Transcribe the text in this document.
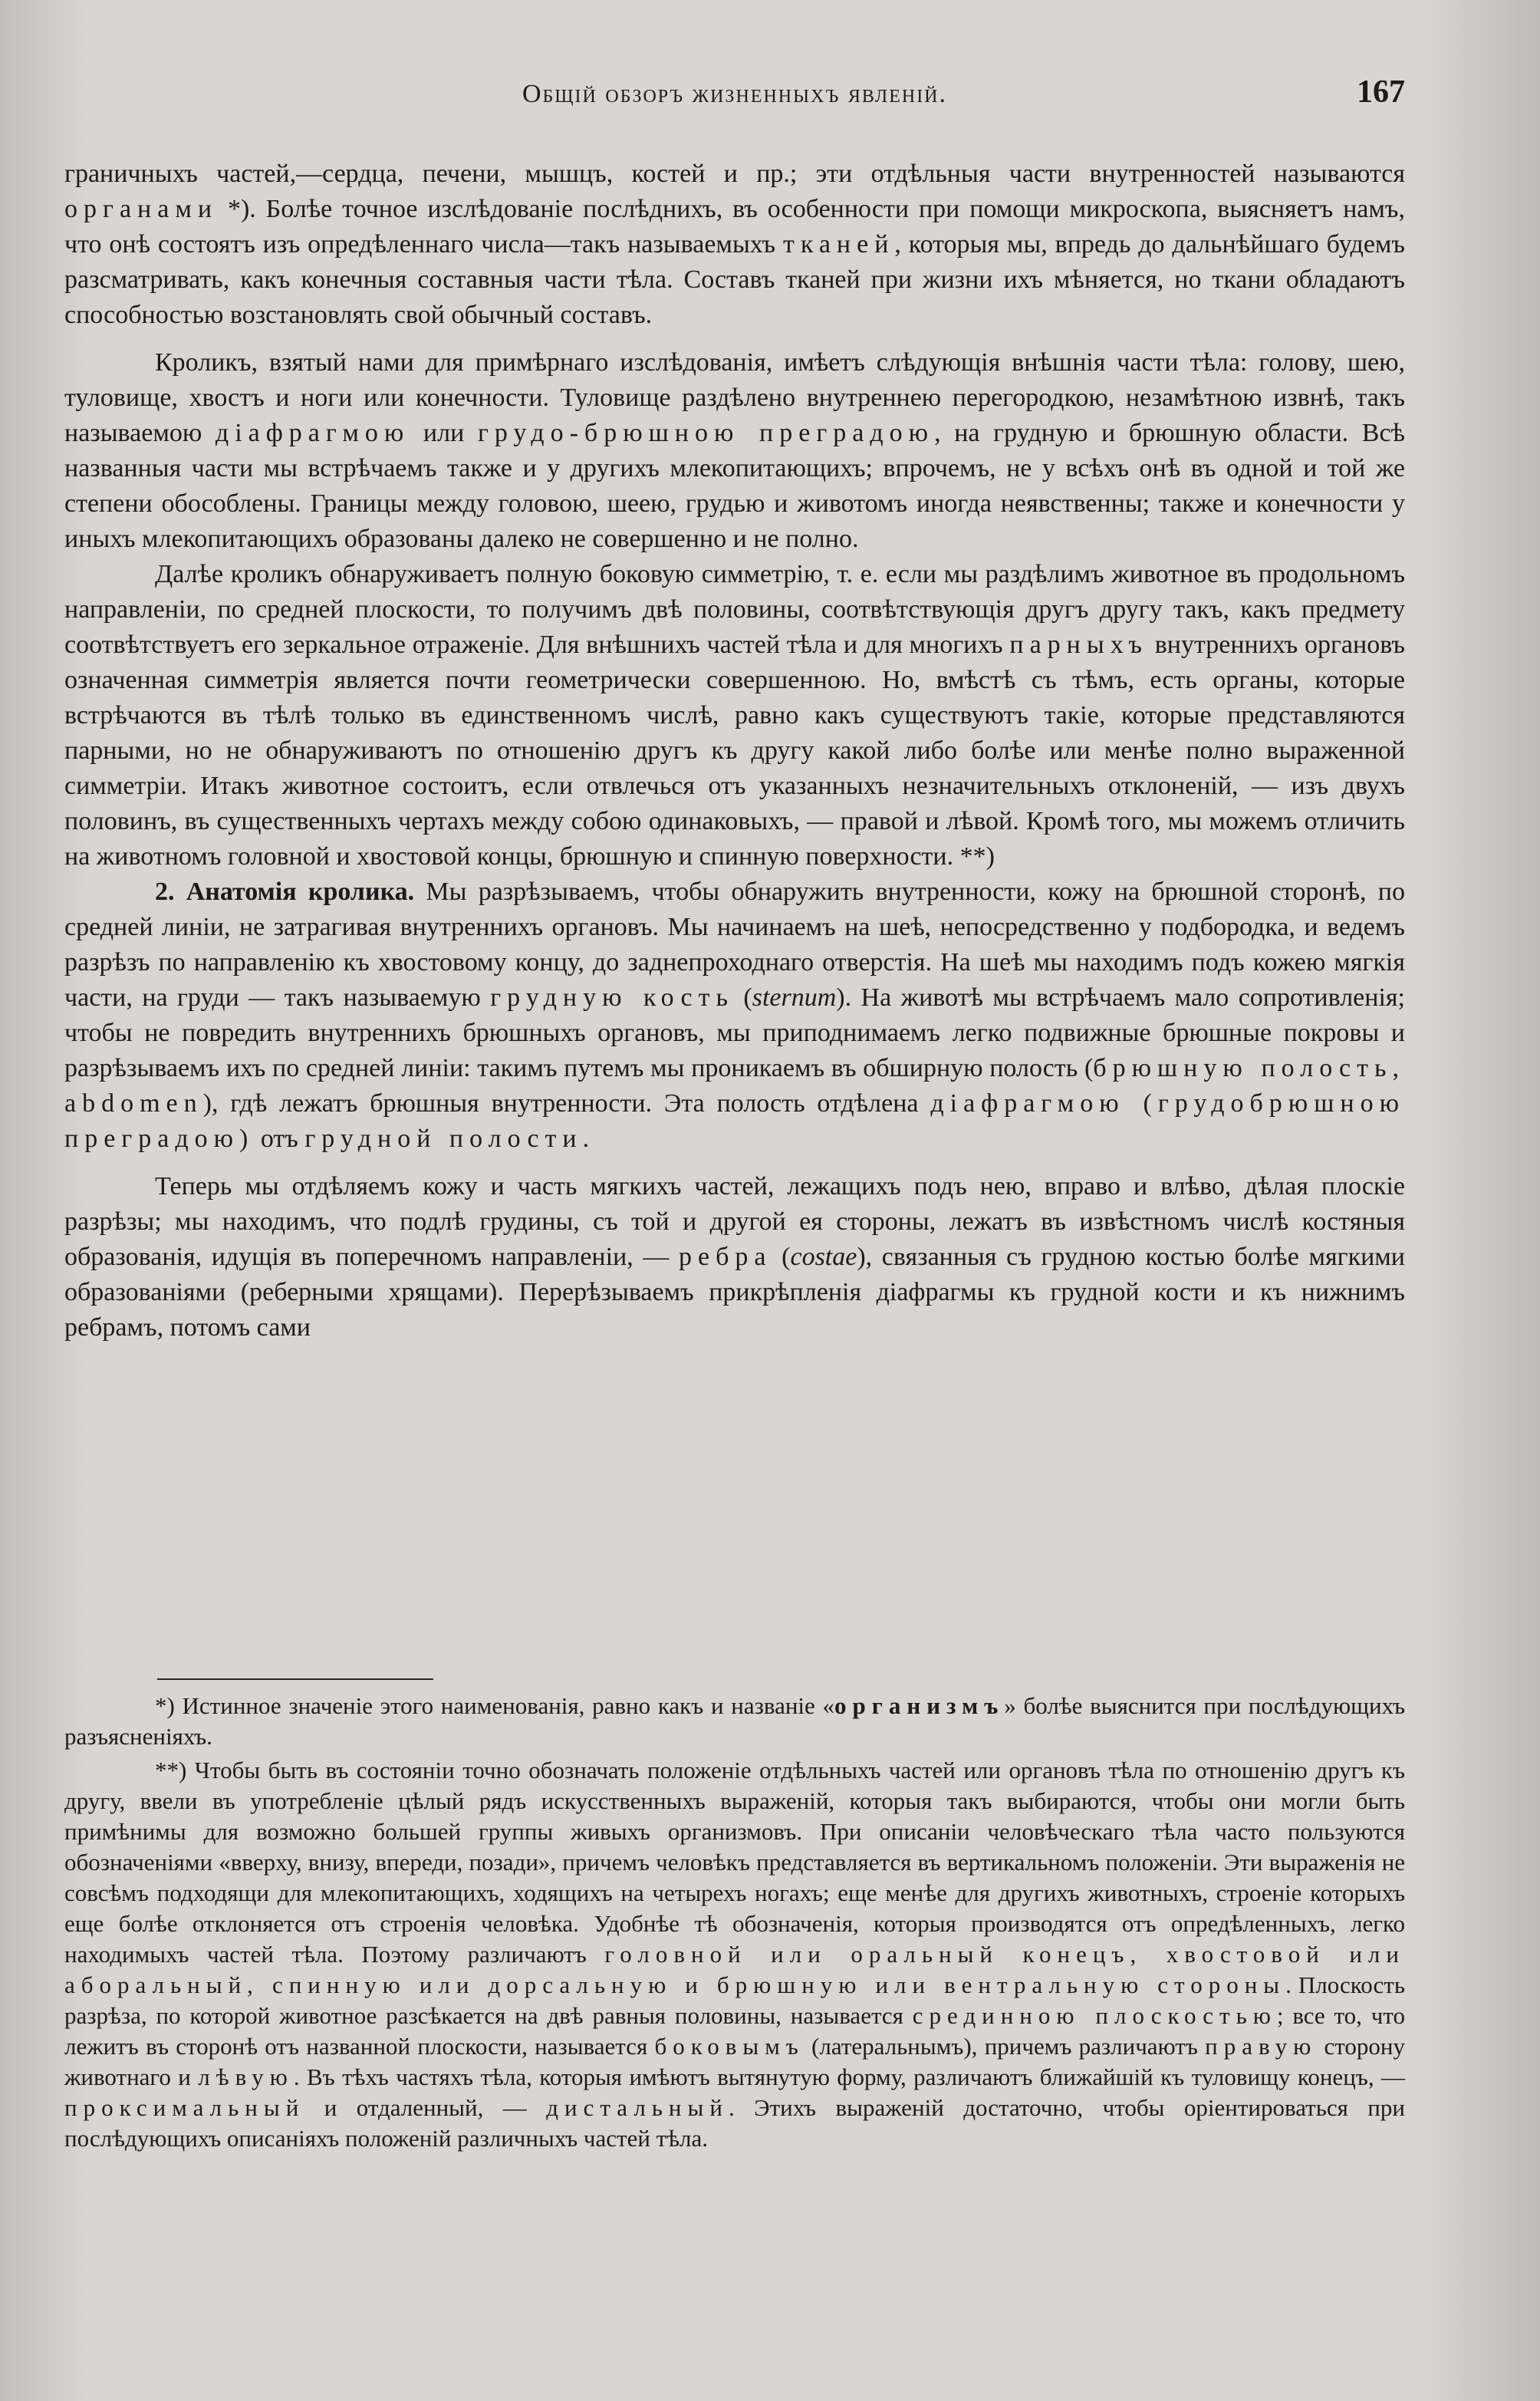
Общій обзоръ жизненныхъ явленій.	167

граничныхъ частей,—сердца, печени, мышцъ, костей и пр.; эти отдѣльныя части внутренностей называются органами *). Болѣе точное изслѣдованіе послѣднихъ, въ особенности при помощи микроскопа, выясняетъ намъ, что онѣ состоятъ изъ опредѣленнаго числа—такъ называемыхъ тканей, которыя мы, впредь до дальнѣйшаго будемъ разсматривать, какъ конечныя составныя части тѣла. Составъ тканей при жизни ихъ мѣняется, но ткани обладаютъ способностью возстановлять свой обычный составъ.

Кроликъ, взятый нами для примѣрнаго изслѣдованія, имѣетъ слѣдующія внѣшнія части тѣла: голову, шею, туловище, хвостъ и ноги или конечности. Туловище раздѣлено внутреннею перегородкою, незамѣтною извнѣ, такъ называемою діафрагмою или грудо-брюшною преградою, на грудную и брюшную области. Всѣ названныя части мы встрѣчаемъ также и у другихъ млекопитающихъ; впрочемъ, не у всѣхъ онѣ въ одной и той же степени обособлены. Границы между головою, шеею, грудью и животомъ иногда неявственны; также и конечности у иныхъ млекопитающихъ образованы далеко не совершенно и не полно.

Далѣе кроликъ обнаруживаетъ полную боковую симметрію, т. е. если мы раздѣлимъ животное въ продольномъ направленіи, по средней плоскости, то получимъ двѣ половины, соотвѣтствующія другъ другу такъ, какъ предмету соотвѣтствуетъ его зеркальное отраженіе. Для внѣшнихъ частей тѣла и для многихъ парныхъ внутреннихъ органовъ означенная симметрія является почти геометрически совершенною. Но, вмѣстѣ съ тѣмъ, есть органы, которые встрѣчаются въ тѣлѣ только въ единственномъ числѣ, равно какъ существуютъ такіе, которые представляются парными, но не обнаруживаютъ по отношенію другъ къ другу какой либо болѣе или менѣе полно выраженной симметріи. Итакъ животное состоитъ, если отвлечься отъ указанныхъ незначительныхъ отклоненій, — изъ двухъ половинъ, въ существенныхъ чертахъ между собою одинаковыхъ, — правой и лѣвой. Кромѣ того, мы можемъ отличить на животномъ головной и хвостовой концы, брюшную и спинную поверхности. **)

2. Анатомія кролика. Мы разрѣзываемъ, чтобы обнаружить внутренности, кожу на брюшной сторонѣ, по средней линіи, не затрагивая внутреннихъ органовъ. Мы начинаемъ на шеѣ, непосредственно у подбородка, и ведемъ разрѣзъ по направленію къ хвостовому концу, до заднепроходнаго отверстія. На шеѣ мы находимъ подъ кожею мягкія части, на груди — такъ называемую грудную кость (sternum). На животѣ мы встрѣчаемъ мало сопротивленія; чтобы не повредить внутреннихъ брюшныхъ органовъ, мы приподнимаемъ легко подвижные брюшные покровы и разрѣзываемъ ихъ по средней линіи: такимъ путемъ мы проникаемъ въ обширную полость (брюшную полость, abdomen), гдѣ лежатъ брюшныя внутренности. Эта полость отдѣлена діафрагмою (грудобрюшною преградою) отъ грудной полости.

Теперь мы отдѣляемъ кожу и часть мягкихъ частей, лежащихъ подъ нею, вправо и влѣво, дѣлая плоскіе разрѣзы; мы находимъ, что подлѣ грудины, съ той и другой ея стороны, лежатъ въ извѣстномъ числѣ костяныя образованія, идущія въ поперечномъ направленіи, — ребра (costae), связанныя съ грудною костью болѣе мягкими образованіями (реберными хрящами). Перерѣзываемъ прикрѣпленія діафрагмы къ грудной кости и къ нижнимъ ребрамъ, потомъ сами

*) Истинное значеніе этого наименованія, равно какъ и названіе «организмъ» болѣе выяснится при послѣдующихъ разъясненіяхъ.

**) Чтобы быть въ состояніи точно обозначать положеніе отдѣльныхъ частей или органовъ тѣла по отношенію другъ къ другу, ввели въ употребленіе цѣлый рядъ искусственныхъ выраженій, которыя такъ выбираются, чтобы они могли быть примѣнимы для возможно большей группы живыхъ организмовъ. При описаніи человѣческаго тѣла часто пользуются обозначеніями «вверху, внизу, впереди, позади», причемъ человѣкъ представляется въ вертикальномъ положеніи. Эти выраженія не совсѣмъ подходящи для млекопитающихъ, ходящихъ на четырехъ ногахъ; еще менѣе для другихъ животныхъ, строеніе которыхъ еще болѣе отклоняется отъ строенія человѣка. Удобнѣе тѣ обозначенія, которыя производятся отъ опредѣленныхъ, легко находимыхъ частей тѣла. Поэтому различаютъ головной или оральный конецъ, хвостовой или аборальный, спинную или дорсальную и брюшную или вентральную стороны. Плоскость разрѣза, по которой животное разсѣкается на двѣ равныя половины, называется срединною плоскостью; все то, что лежитъ въ сторонѣ отъ названной плоскости, называется боковымъ (латеральнымъ), причемъ различаютъ правую сторону животнаго и лѣвую. Въ тѣхъ частяхъ тѣла, которыя имѣютъ вытянутую форму, различаютъ ближайшій къ туловищу конецъ, — проксимальный и отдаленный, — дистальный. Этихъ выраженій достаточно, чтобы оріентироваться при послѣдующихъ описаніяхъ положеній различныхъ частей тѣла.
